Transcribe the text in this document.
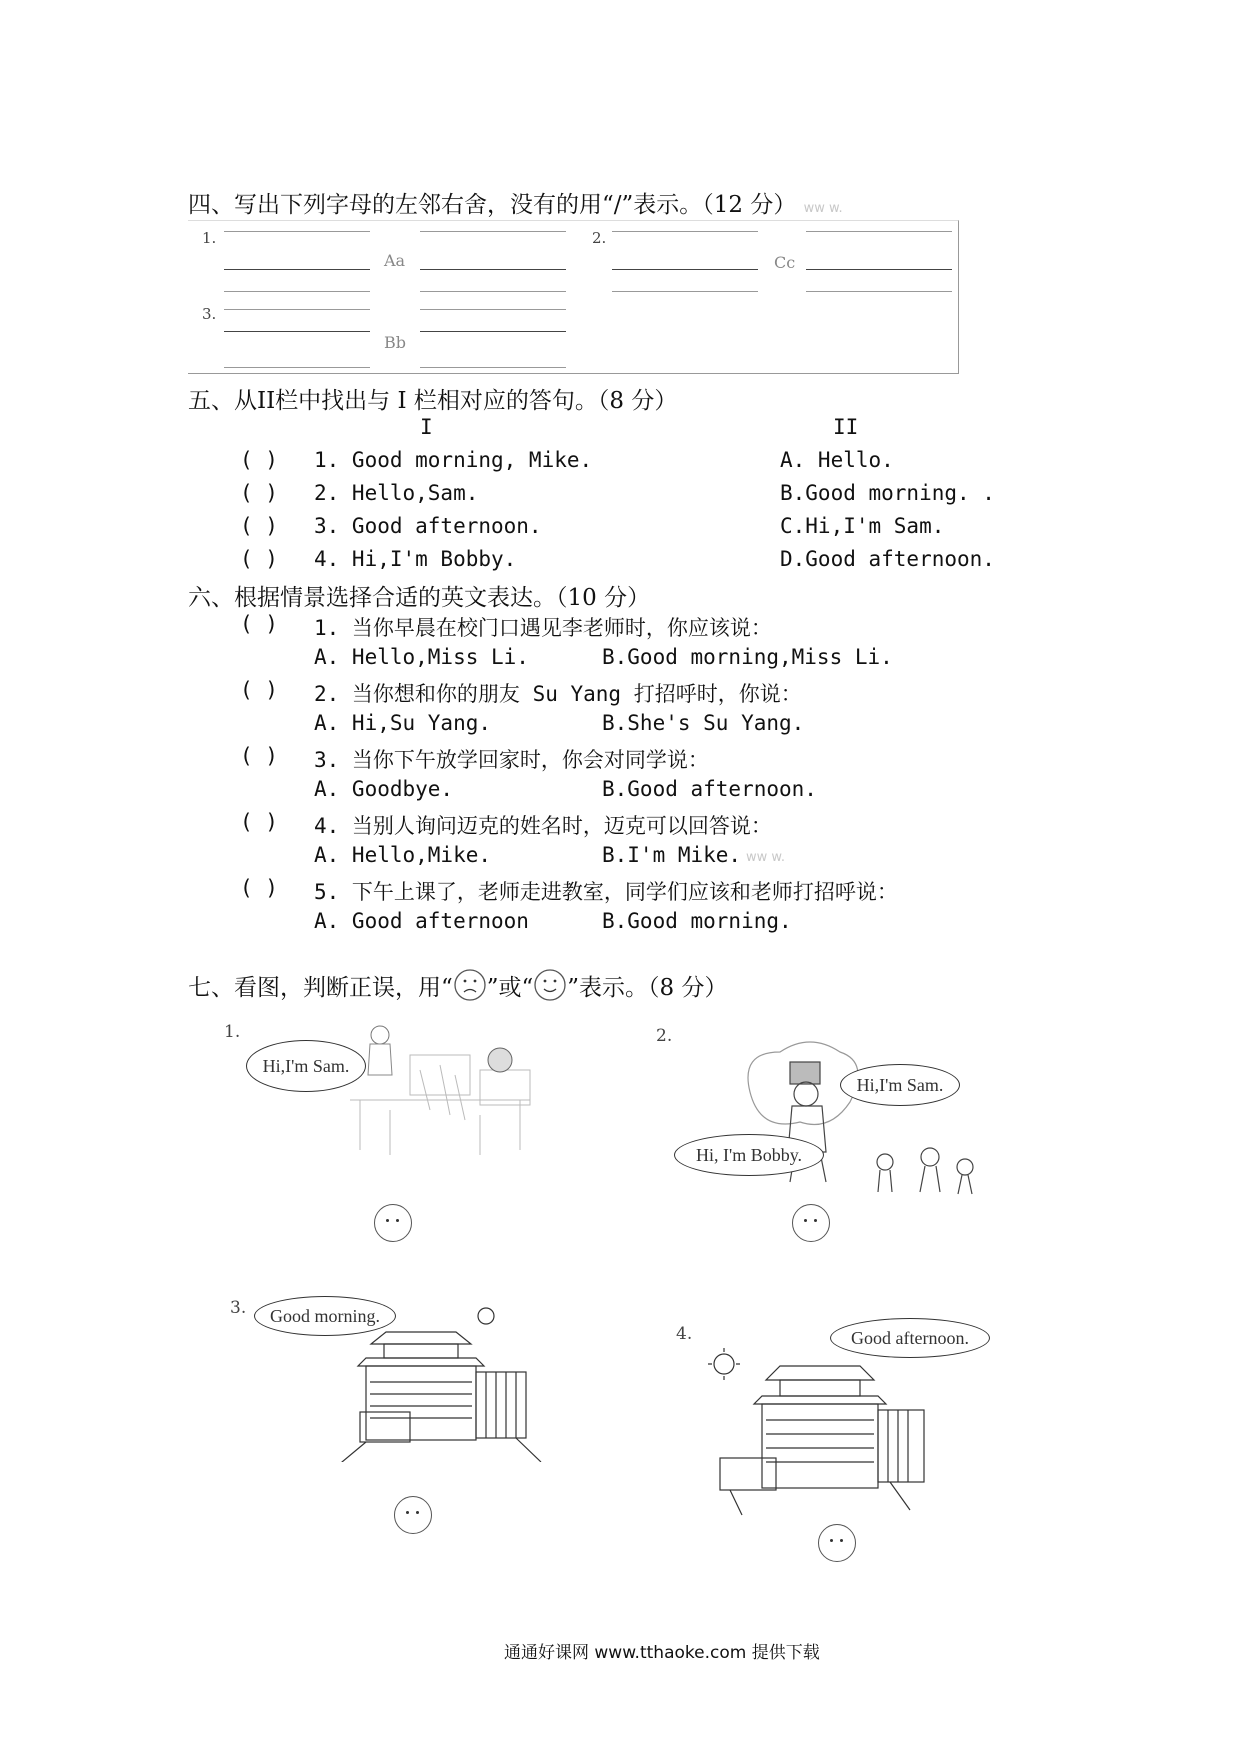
四、写出下列字母的左邻右舍，没有的用“/”表示。（12 分） ww w.
1.
Aa
2.
Cc
3.
Bb
五、从II栏中找出与 I 栏相对应的答句。（8 分）
I	II
( ) 1. Good morning, Mike.	A. Hello.
( ) 2. Hello,Sam.	B.Good morning. .
( ) 3. Good afternoon.	C.Hi,I'm Sam.
( ) 4. Hi,I'm Bobby.	D.Good afternoon.
六、根据情景选择合适的英文表达。（10 分）
( ) 1. 当你早晨在校门口遇见李老师时，你应该说：
A. Hello,Miss Li.	B.Good morning,Miss Li.
( ) 2. 当你想和你的朋友 Su Yang 打招呼时，你说：
A. Hi,Su Yang.	B.She's Su Yang.
( ) 3. 当你下午放学回家时，你会对同学说：
A. Goodbye.	B.Good afternoon.
( ) 4. 当别人询问迈克的姓名时，迈克可以回答说：
A. Hello,Mike.	B.I'm Mike. ww w.
( ) 5. 下午上课了，老师走进教室，同学们应该和老师打招呼说：
A. Good afternoon	B.Good morning.
七、看图，判断正误，用“ ”或“ ”表示。（8 分）
1.
Hi,I'm Sam.
2.
Hi,I'm Sam.
Hi, I'm Bobby.
3.	Good morning.
4.	Good afternoon.
通通好课网 www.tthaoke.com 提供下载
